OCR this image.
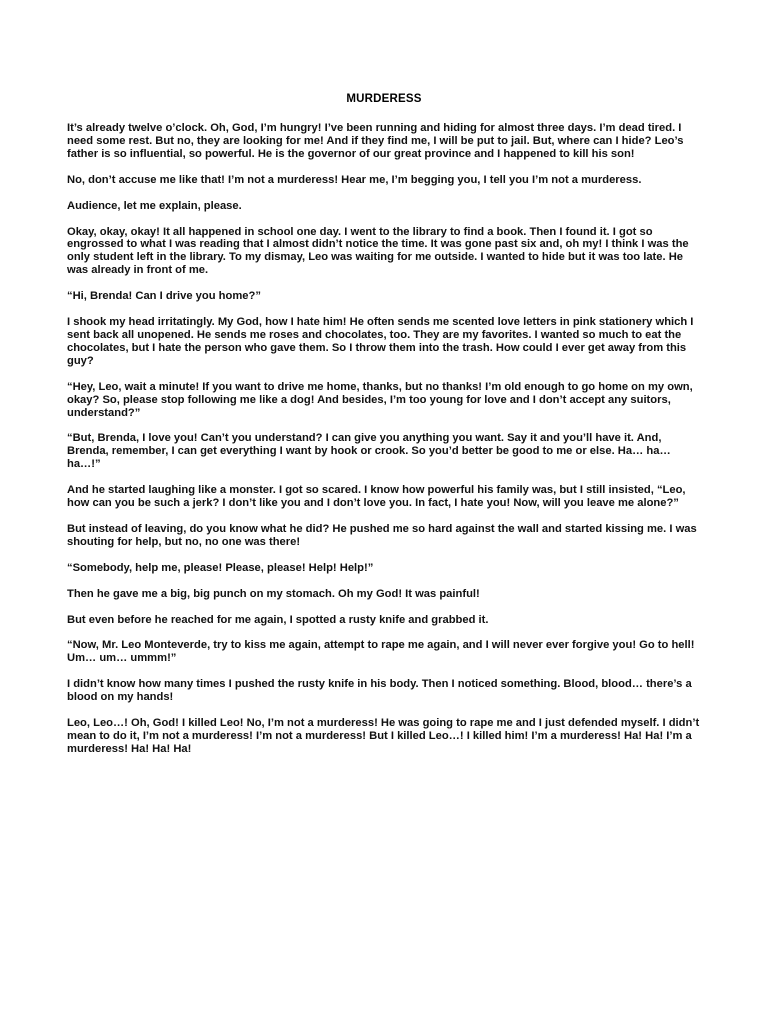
MURDERESS

It’s already twelve o’clock. Oh, God, I’m hungry! I’ve been running and hiding for almost three days. I’m dead tired. I need some rest. But no, they are looking for me! And if they find me, I will be put to jail. But, where can I hide? Leo’s father is so influential, so powerful. He is the governor of our great province and I happened to kill his son!

No, don’t accuse me like that! I’m not a murderess! Hear me, I’m begging you, I tell you I’m not a murderess.

Audience, let me explain, please.

Okay, okay, okay! It all happened in school one day. I went to the library to find a book. Then I found it. I got so engrossed to what I was reading that I almost didn’t notice the time. It was gone past six and, oh my! I think I was the only student left in the library. To my dismay, Leo was waiting for me outside. I wanted to hide but it was too late. He was already in front of me.

“Hi, Brenda! Can I drive you home?”

I shook my head irritatingly. My God, how I hate him! He often sends me scented love letters in pink stationery which I sent back all unopened. He sends me roses and chocolates, too. They are my favorites. I wanted so much to eat the chocolates, but I hate the person who gave them. So I throw them into the trash. How could I ever get away from this guy?

“Hey, Leo, wait a minute! If you want to drive me home, thanks, but no thanks! I’m old enough to go home on my own, okay? So, please stop following me like a dog! And besides, I’m too young for love and I don’t accept any suitors, understand?”

“But, Brenda, I love you! Can’t you understand? I can give you anything you want. Say it and you’ll have it. And, Brenda, remember, I can get everything I want by hook or crook. So you’d better be good to me or else. Ha… ha… ha…!”

And he started laughing like a monster. I got so scared. I know how powerful his family was, but I still insisted, “Leo, how can you be such a jerk? I don’t like you and I don’t love you. In fact, I hate you! Now, will you leave me alone?”

But instead of leaving, do you know what he did? He pushed me so hard against the wall and started kissing me. I was shouting for help, but no, no one was there!

“Somebody, help me, please! Please, please! Help! Help!”

Then he gave me a big, big punch on my stomach. Oh my God! It was painful!

But even before he reached for me again, I spotted a rusty knife and grabbed it.

“Now, Mr. Leo Monteverde, try to kiss me again, attempt to rape me again, and I will never ever forgive you! Go to hell! Um… um… ummm!”

I didn’t know how many times I pushed the rusty knife in his body. Then I noticed something. Blood, blood… there’s a blood on my hands!

Leo, Leo…! Oh, God! I killed Leo! No, I’m not a murderess! He was going to rape me and I just defended myself. I didn’t mean to do it, I’m not a murderess! I’m not a murderess! But I killed Leo…! I killed him! I’m a murderess! Ha! Ha! I’m a murderess! Ha! Ha! Ha!
